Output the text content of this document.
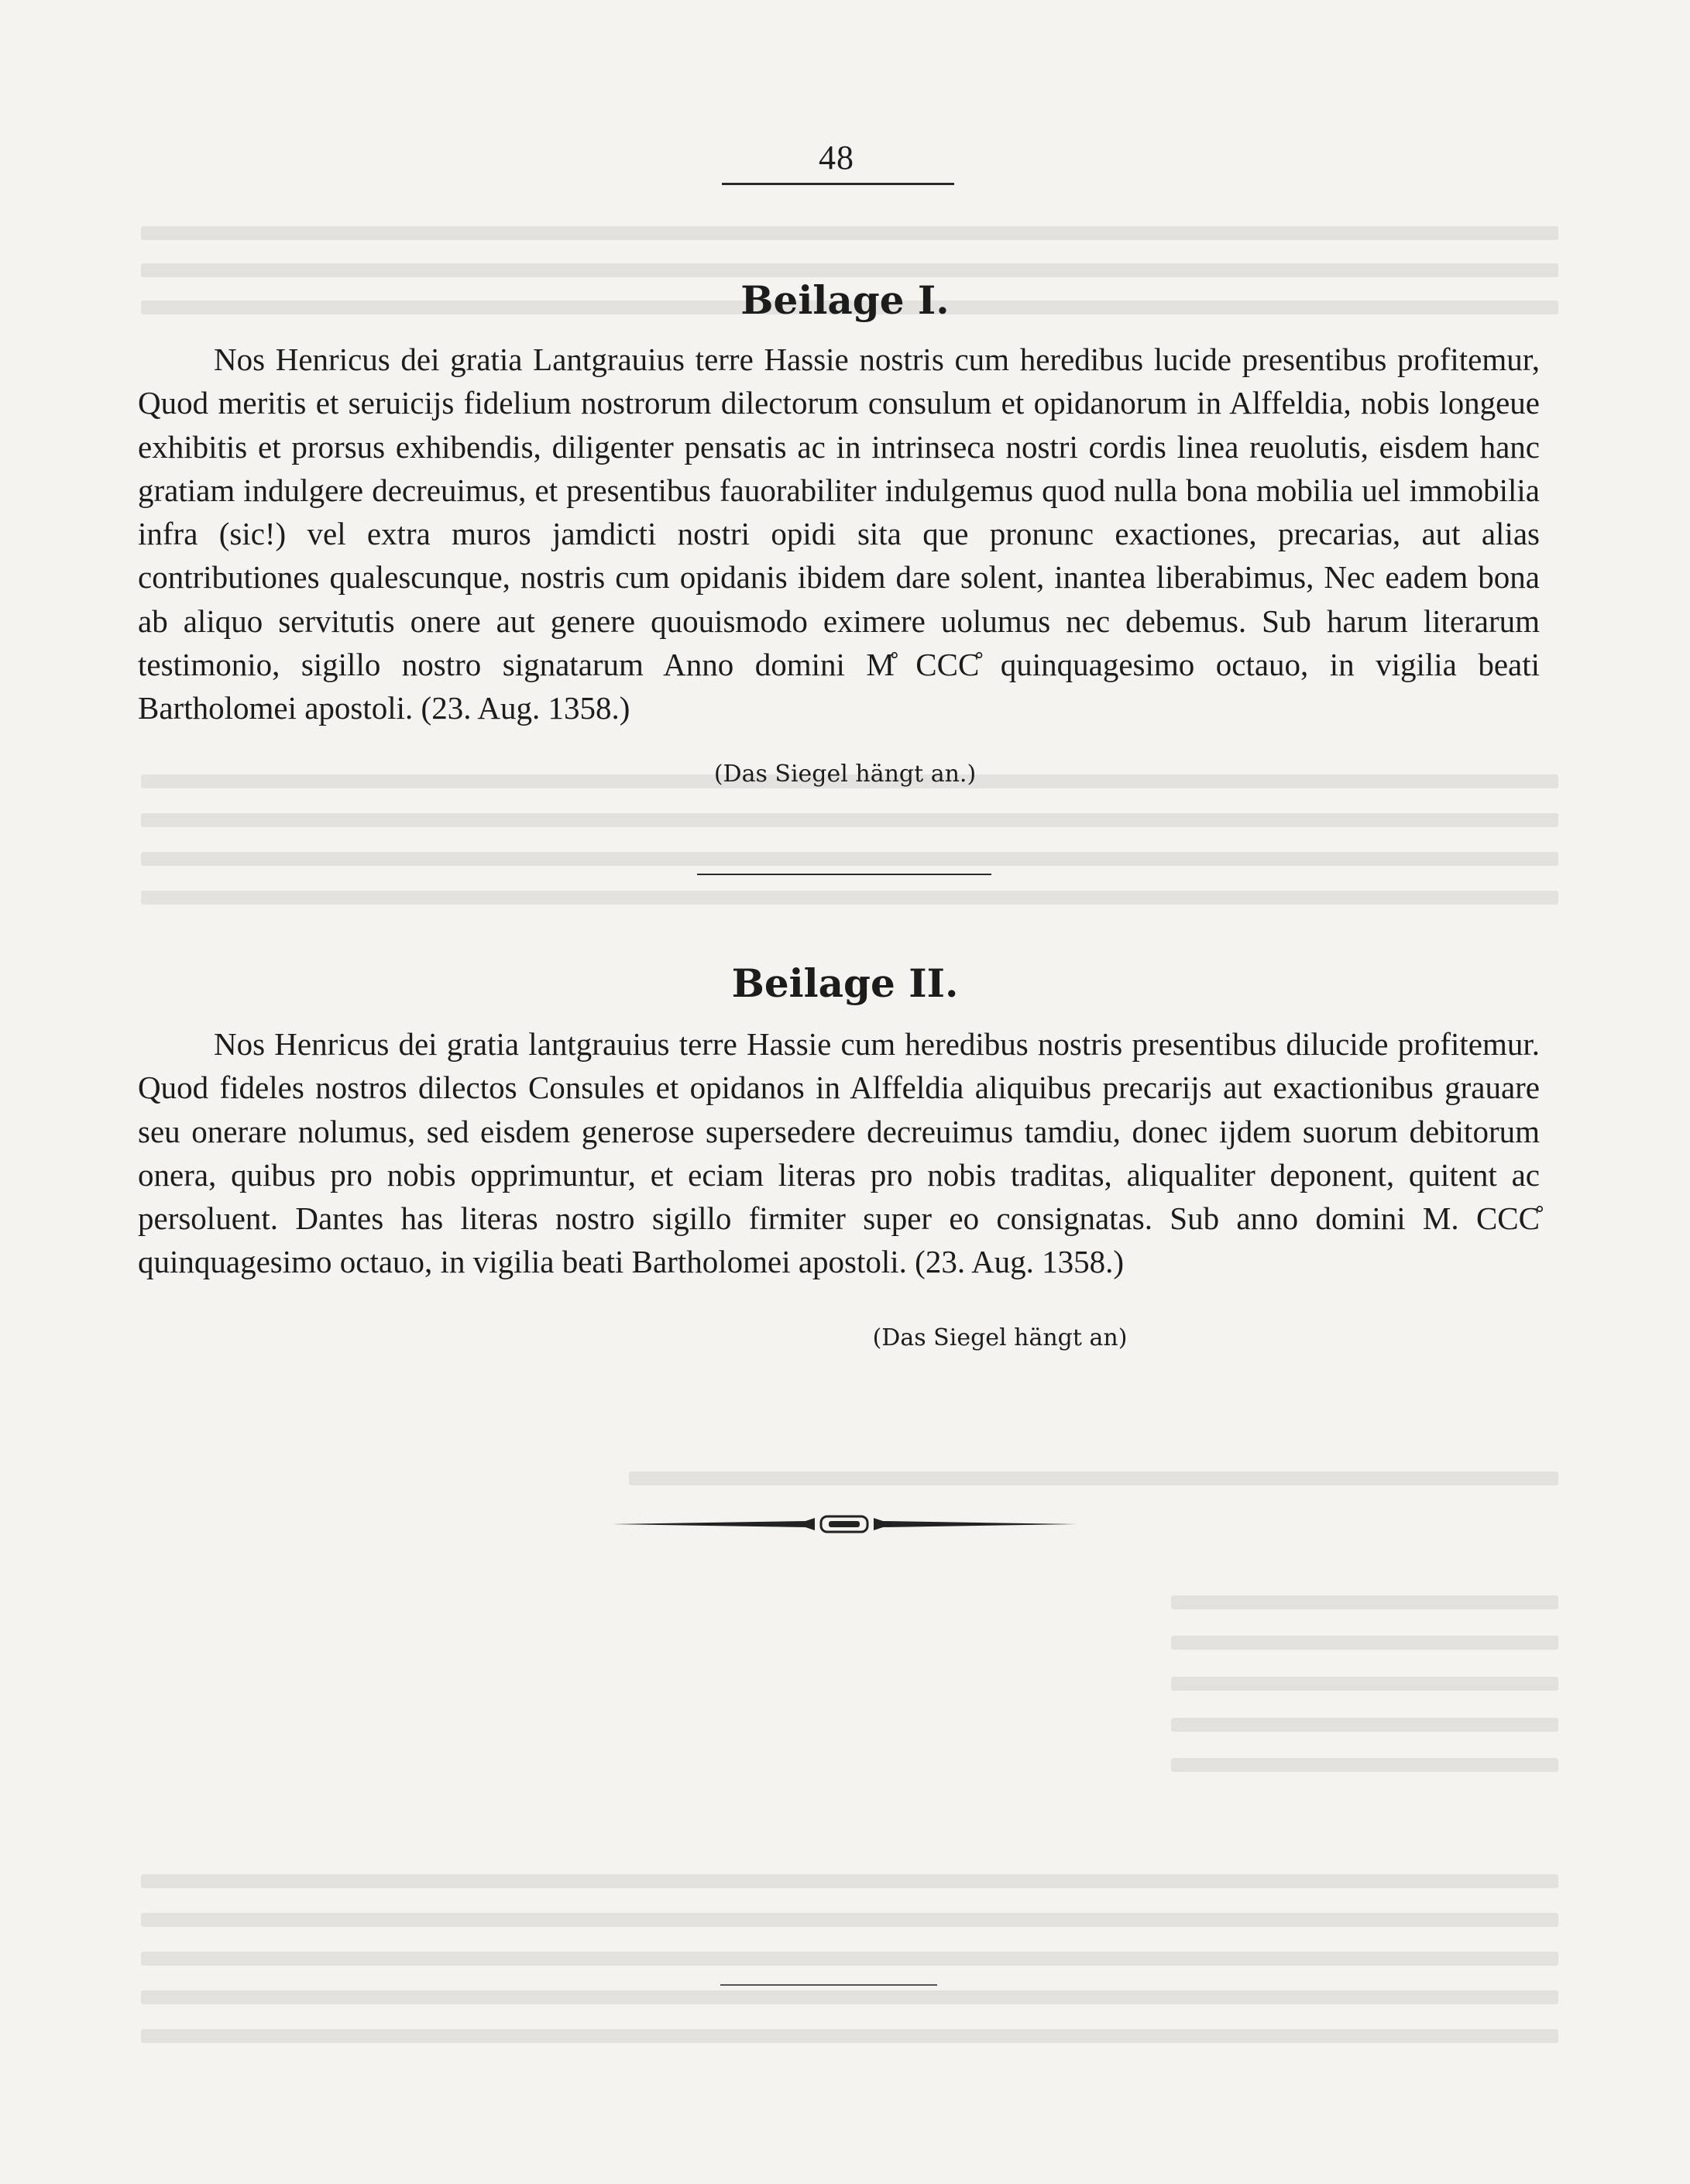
48
Beilage I.

Nos Henricus dei gratia Lantgrauius terre Hassie nostris cum heredibus lucide presentibus profitemur, Quod meritis et seruicijs fidelium nostrorum dilectorum consulum et opidanorum in Alffeldia, nobis longeue exhibitis et prorsus exhibendis, diligenter pensatis ac in intrinseca nostri cordis linea reuolutis, eisdem hanc gratiam indulgere decreuimus, et presentibus fauorabiliter indulgemus quod nulla bona mobilia uel immobilia infra (sic!) vel extra muros jamdicti nostri opidi sita que pronunc exactiones, precarias, aut alias contributiones qualescunque, nostris cum opidanis ibidem dare solent, inantea liberabimus, Nec eadem bona ab aliquo servitutis onere aut genere quouismodo eximere uolumus nec debemus. Sub harum literarum testimonio, sigillo nostro signatarum Anno domini M̊ CCC̊ quinquagesimo octauo, in vigilia beati Bartholomei apostoli. (23. Aug. 1358.)

(Das Siegel hängt an.)
Beilage II.

Nos Henricus dei gratia lantgrauius terre Hassie cum heredibus nostris presentibus dilucide profitemur. Quod fideles nostros dilectos Consules et opidanos in Alffeldia aliquibus precarijs aut exactionibus grauare seu onerare nolumus, sed eisdem generose supersedere decreuimus tamdiu, donec ijdem suorum debitorum onera, quibus pro nobis opprimuntur, et eciam literas pro nobis traditas, aliqualiter deponent, quitent ac persoluent. Dantes has literas nostro sigillo firmiter super eo consignatas. Sub anno domini M. CCC̊ quinquagesimo octauo, in vigilia beati Bartholomei apostoli. (23. Aug. 1358.)

(Das Siegel hängt an)
